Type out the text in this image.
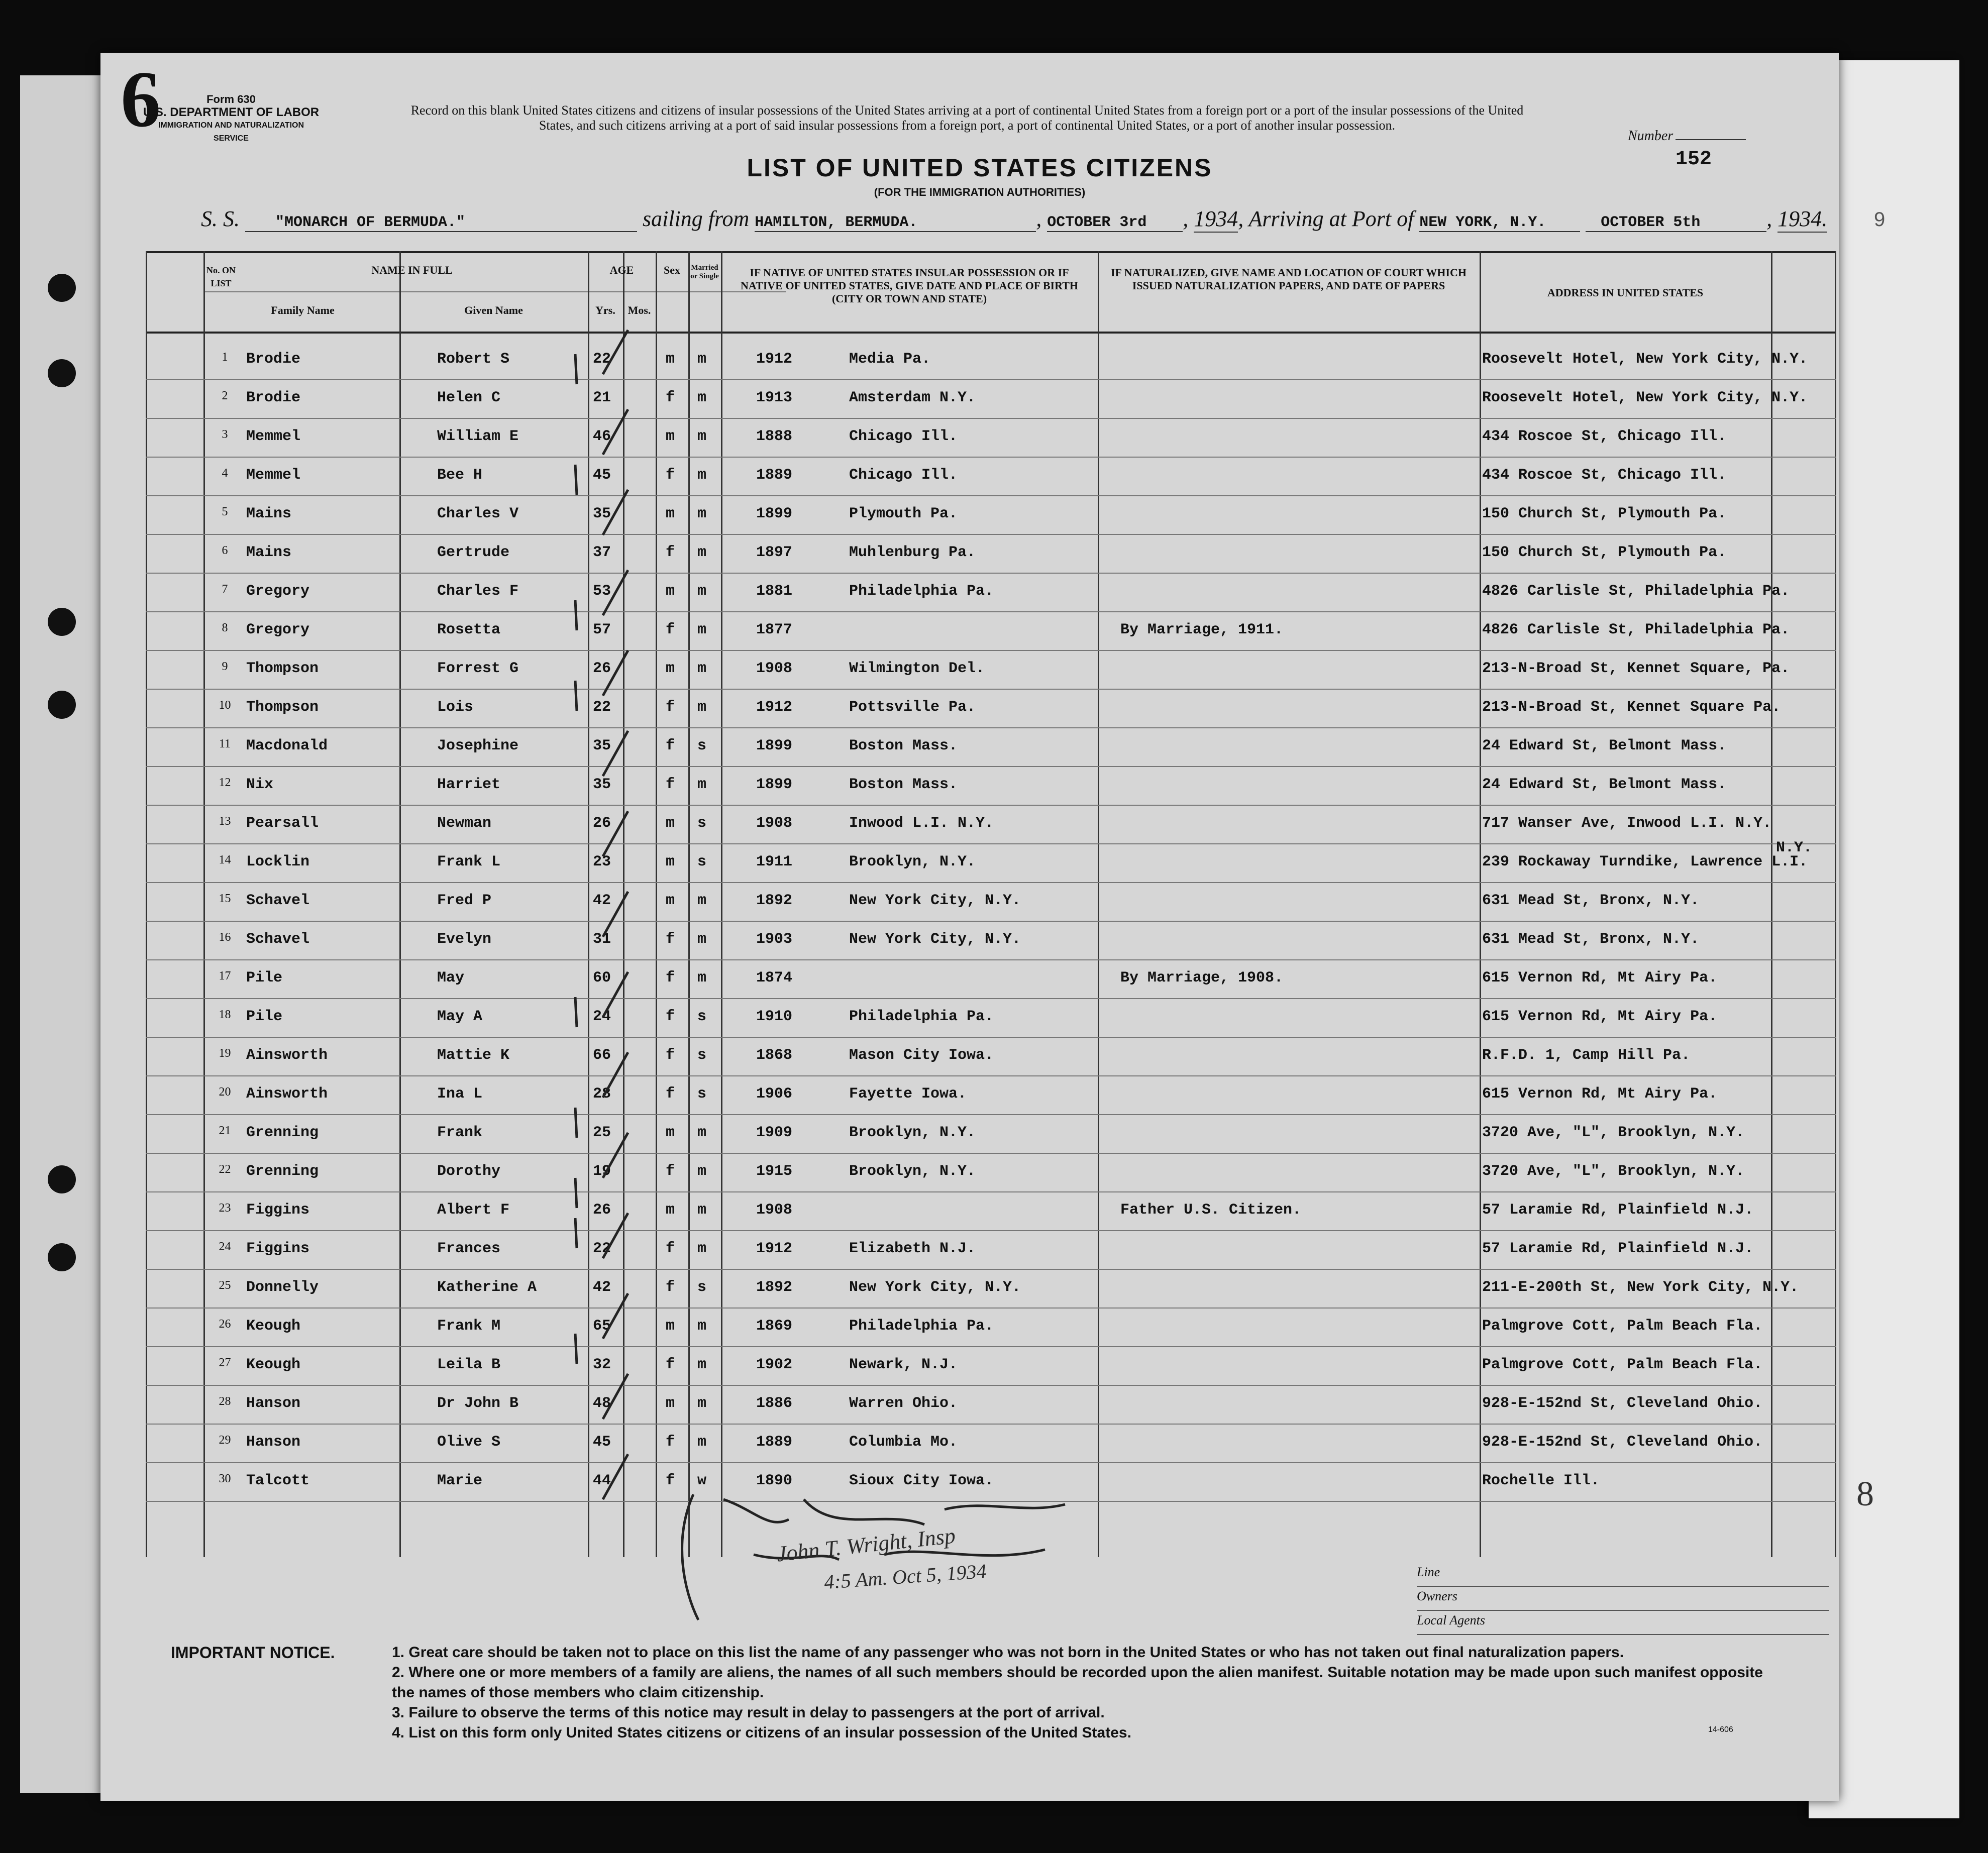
6
9
Form 630
U.S. DEPARTMENT OF LABOR
IMMIGRATION AND NATURALIZATION SERVICE
Record on this blank United States citizens and citizens of insular possessions of the United States arriving at a port of continental United States from a foreign port or a port of the insular possessions of the United States, and such citizens arriving at a port of said insular possessions from a foreign port, a port of continental United States, or a port of another insular possession.
Number
152
LIST OF UNITED STATES CITIZENS
(FOR THE IMMIGRATION AUTHORITIES)
S. S. "MONARCH OF BERMUDA."	sailing from HAMILTON, BERMUDA.	, OCTOBER 3rd , 1934, Arriving at Port of NEW YORK, N.Y.	OCTOBER 5th	, 1934.
No. ON LIST
NAME IN FULL
Family Name	Given Name
AGE
Yrs.	Mos.
Sex	Married or Single	IF NATIVE OF UNITED STATES INSULAR POSSESSION OR IF NATIVE OF UNITED STATES, GIVE DATE AND PLACE OF BIRTH (CITY OR TOWN AND STATE)
IF NATURALIZED, GIVE NAME AND LOCATION OF COURT WHICH ISSUED NATURALIZATION PAPERS, AND DATE OF PAPERS
ADDRESS IN UNITED STATES
1	Brodie	Robert S	22	m m	1912	Media Pa.	Roosevelt Hotel, New York City, N.Y.
2	Brodie	Helen C	21	f m	1913	Amsterdam N.Y.	Roosevelt Hotel, New York City, N.Y.
3	Memmel	William E	46	m m	1888	Chicago Ill.	434 Roscoe St, Chicago Ill.
4	Memmel	Bee H	45	f m	1889	Chicago Ill.	434 Roscoe St, Chicago Ill.
5	Mains	Charles V	35	m m	1899	Plymouth Pa.	150 Church St, Plymouth Pa.
6	Mains	Gertrude	37	f m	1897	Muhlenburg Pa.	150 Church St, Plymouth Pa.
7	Gregory	Charles F	53	m m	1881	Philadelphia Pa.	4826 Carlisle St, Philadelphia Pa.
8	Gregory	Rosetta	57	f m	1877	By Marriage, 1911.	4826 Carlisle St, Philadelphia Pa.
9	Thompson	Forrest G	26	m m	1908	Wilmington Del.	213-N-Broad St, Kennet Square, Pa.
10	Thompson	Lois	22	f m	1912	Pottsville Pa.	213-N-Broad St, Kennet Square Pa.
11	Macdonald	Josephine	35	f s	1899	Boston Mass.	24 Edward St, Belmont Mass.
12	Nix	Harriet	35	f m	1899	Boston Mass.	24 Edward St, Belmont Mass.
13	Pearsall	Newman	26	m s	1908	Inwood L.I. N.Y.	717 Wanser Ave, Inwood L.I. N.Y.
14	Locklin	Frank L	23	m s	1911	Brooklyn, N.Y.	239 Rockaway Turndike, Lawrence L.I.
N.Y.
15	Schavel	Fred P	42	m m	1892	New York City, N.Y.	631 Mead St, Bronx, N.Y.
16	Schavel	Evelyn	31	f m	1903	New York City, N.Y.	631 Mead St, Bronx, N.Y.
17	Pile	May	60	f m	1874	By Marriage, 1908.	615 Vernon Rd, Mt Airy Pa.
18	Pile	May A	24	f s	1910	Philadelphia Pa.	615 Vernon Rd, Mt Airy Pa.
19	Ainsworth	Mattie K	66	f s	1868	Mason City Iowa.	R.F.D. 1, Camp Hill Pa.
20	Ainsworth	Ina L	28	f s	1906	Fayette Iowa.	615 Vernon Rd, Mt Airy Pa.
21	Grenning	Frank	25	m m	1909	Brooklyn, N.Y.	3720 Ave, "L", Brooklyn, N.Y.
22	Grenning	Dorothy	19	f m	1915	Brooklyn, N.Y.	3720 Ave, "L", Brooklyn, N.Y.
23	Figgins	Albert F	26	m m	1908	Father U.S. Citizen.	57 Laramie Rd, Plainfield N.J.
24	Figgins	Frances	22	f m	1912	Elizabeth N.J.	57 Laramie Rd, Plainfield N.J.
25	Donnelly	Katherine A	42	f s	1892	New York City, N.Y.	211-E-200th St, New York City, N.Y.
26	Keough	Frank M	65	m m	1869	Philadelphia Pa.	Palmgrove Cott, Palm Beach Fla.
27	Keough	Leila B	32	f m	1902	Newark, N.J.	Palmgrove Cott, Palm Beach Fla.
28	Hanson	Dr John B	48	m m	1886	Warren Ohio.	928-E-152nd St, Cleveland Ohio.
29	Hanson	Olive S	45	f m	1889	Columbia Mo.	928-E-152nd St, Cleveland Ohio.
30	Talcott	Marie	44	f w	1890	Sioux City Iowa.	Rochelle Ill.
John T. Wright, Insp
4:5 Am. Oct 5, 1934
8
Line
Owners
Local Agents
IMPORTANT NOTICE.	1. Great care should be taken not to place on this list the name of any passenger who was not born in the United States or who has not taken out final naturalization papers.
2. Where one or more members of a family are aliens, the names of all such members should be recorded upon the alien manifest. Suitable notation may be made upon such manifest opposite the names of those members who claim citizenship.
3. Failure to observe the terms of this notice may result in delay to passengers at the port of arrival.
4. List on this form only United States citizens or citizens of an insular possession of the United States.	14-606
